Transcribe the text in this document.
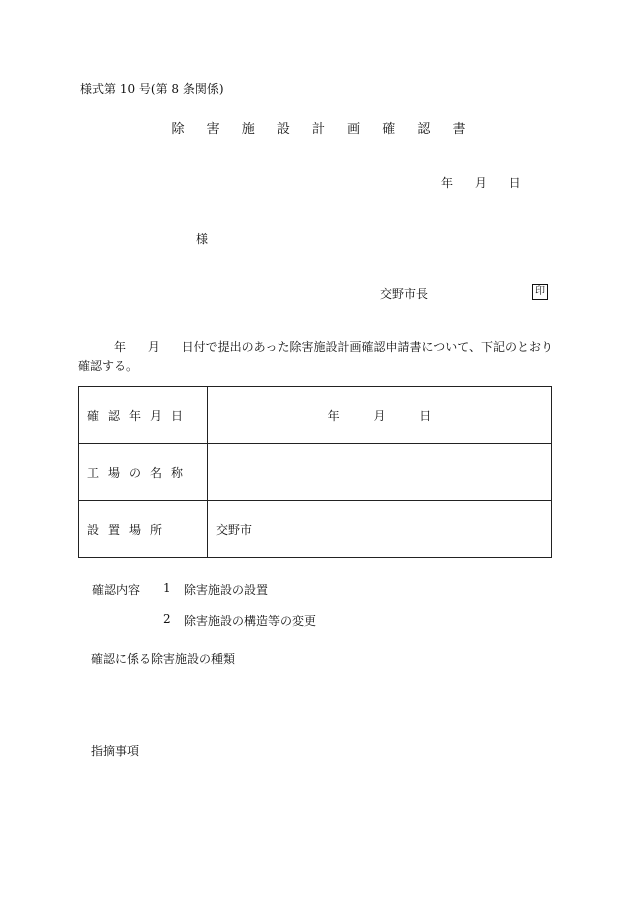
様式第 10 号(第 8 条関係)
除 害 施 設 計 画 確 認 書
年 月 日
様
交野市長	印
年 月 日付で提出のあった除害施設計画確認申請書について、下記のとおり確認する。
確認年月日	年 月 日
工場の名称	
設置場所	交野市
確認内容 1 除害施設の設置
2 除害施設の構造等の変更
確認に係る除害施設の種類
指摘事項
